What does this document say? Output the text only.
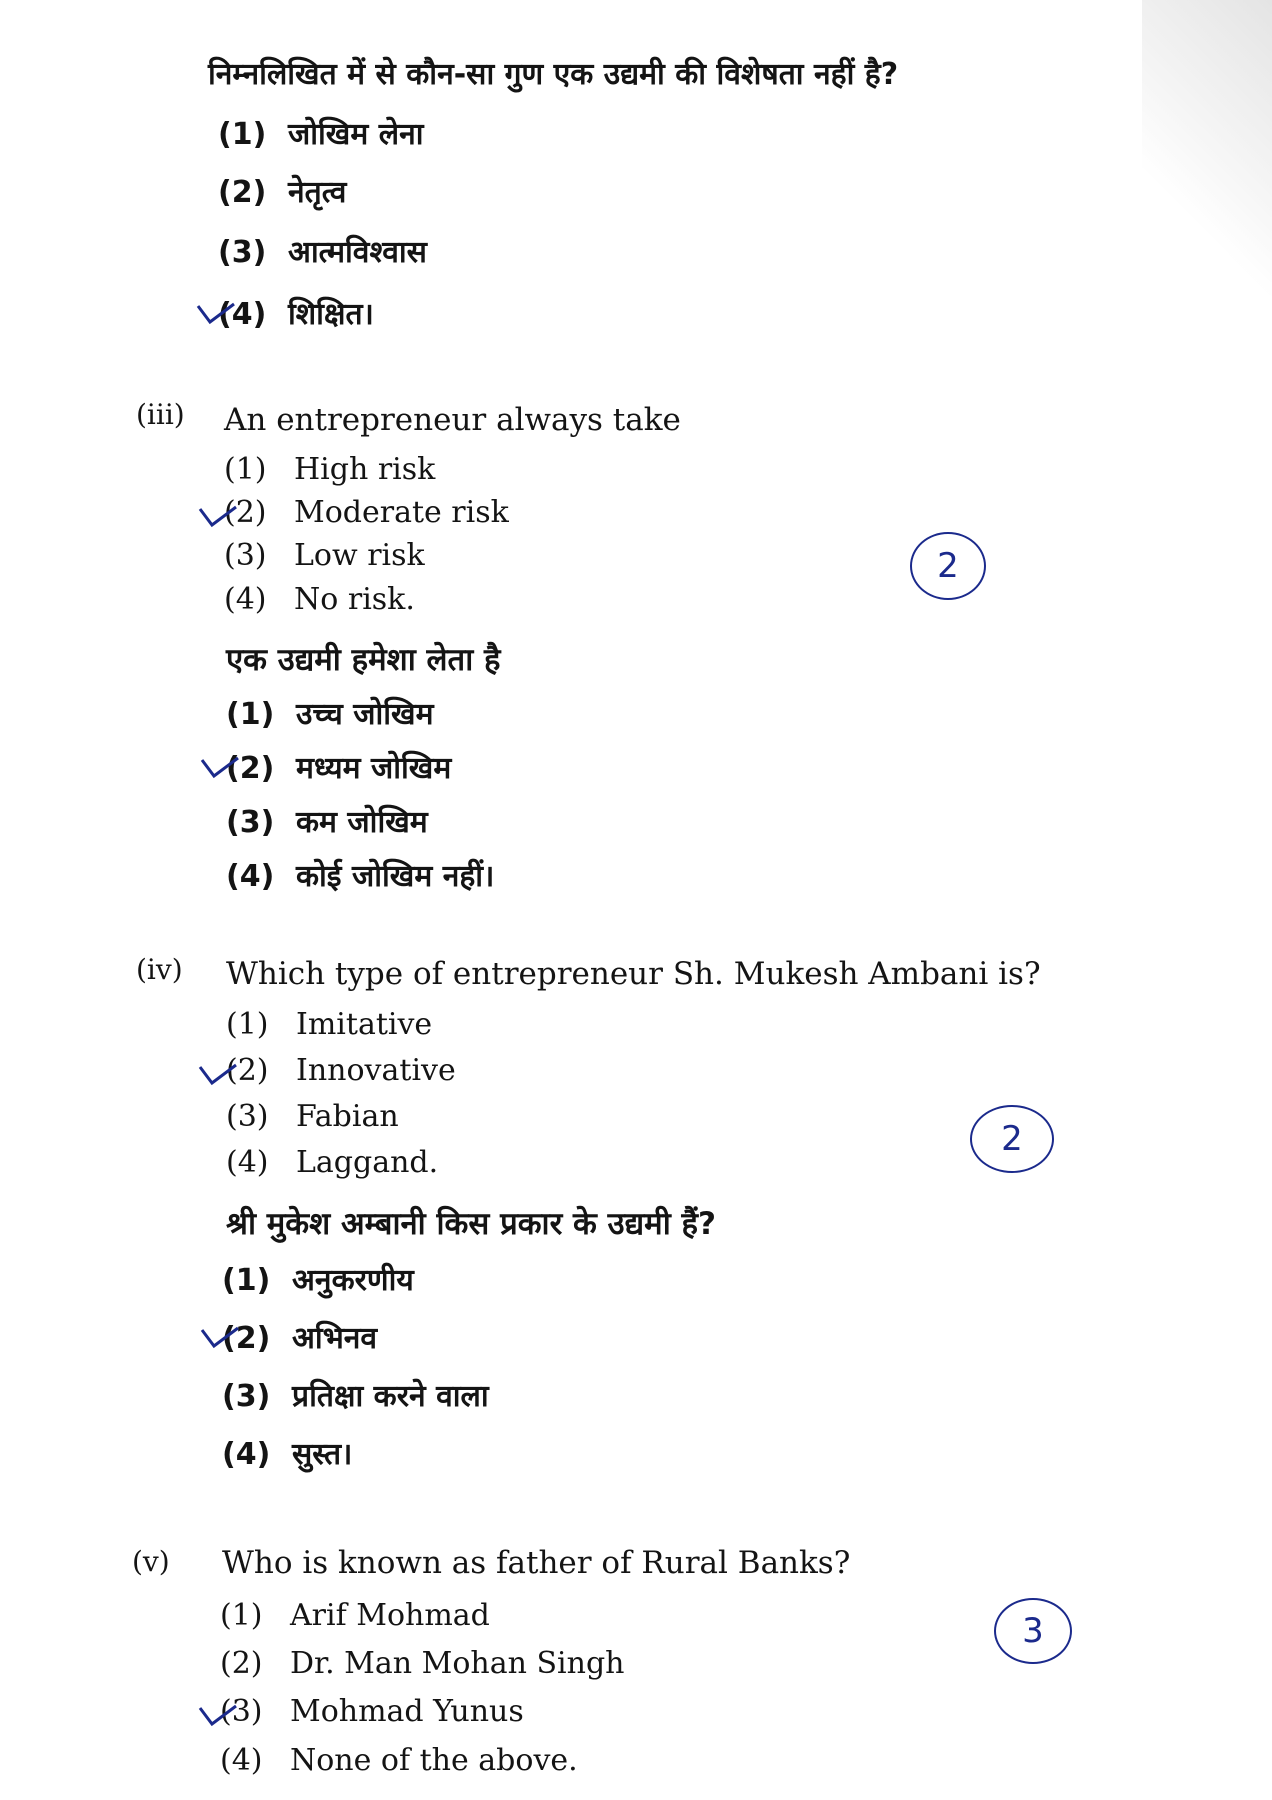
निम्नलिखित में से कौन-सा गुण एक उद्यमी की विशेषता नहीं है?
(1) जोखिम लेना
(2) नेतृत्व
(3) आत्मविश्वास
(4) शिक्षित।
(iii) An entrepreneur always take
(1) High risk
(2) Moderate risk
(3) Low risk
(4) No risk.
2
एक उद्यमी हमेशा लेता है
(1) उच्च जोखिम
(2) मध्यम जोखिम
(3) कम जोखिम
(4) कोई जोखिम नहीं।
(iv) Which type of entrepreneur Sh. Mukesh Ambani is?
(1) Imitative
(2) Innovative
(3) Fabian
(4) Laggand.
2
श्री मुकेश अम्बानी किस प्रकार के उद्यमी हैं?
(1) अनुकरणीय
(2) अभिनव
(3) प्रतिक्षा करने वाला
(4) सुस्त।
(v) Who is known as father of Rural Banks?
(1) Arif Mohmad
(2) Dr. Man Mohan Singh
(3) Mohmad Yunus
(4) None of the above.
3
